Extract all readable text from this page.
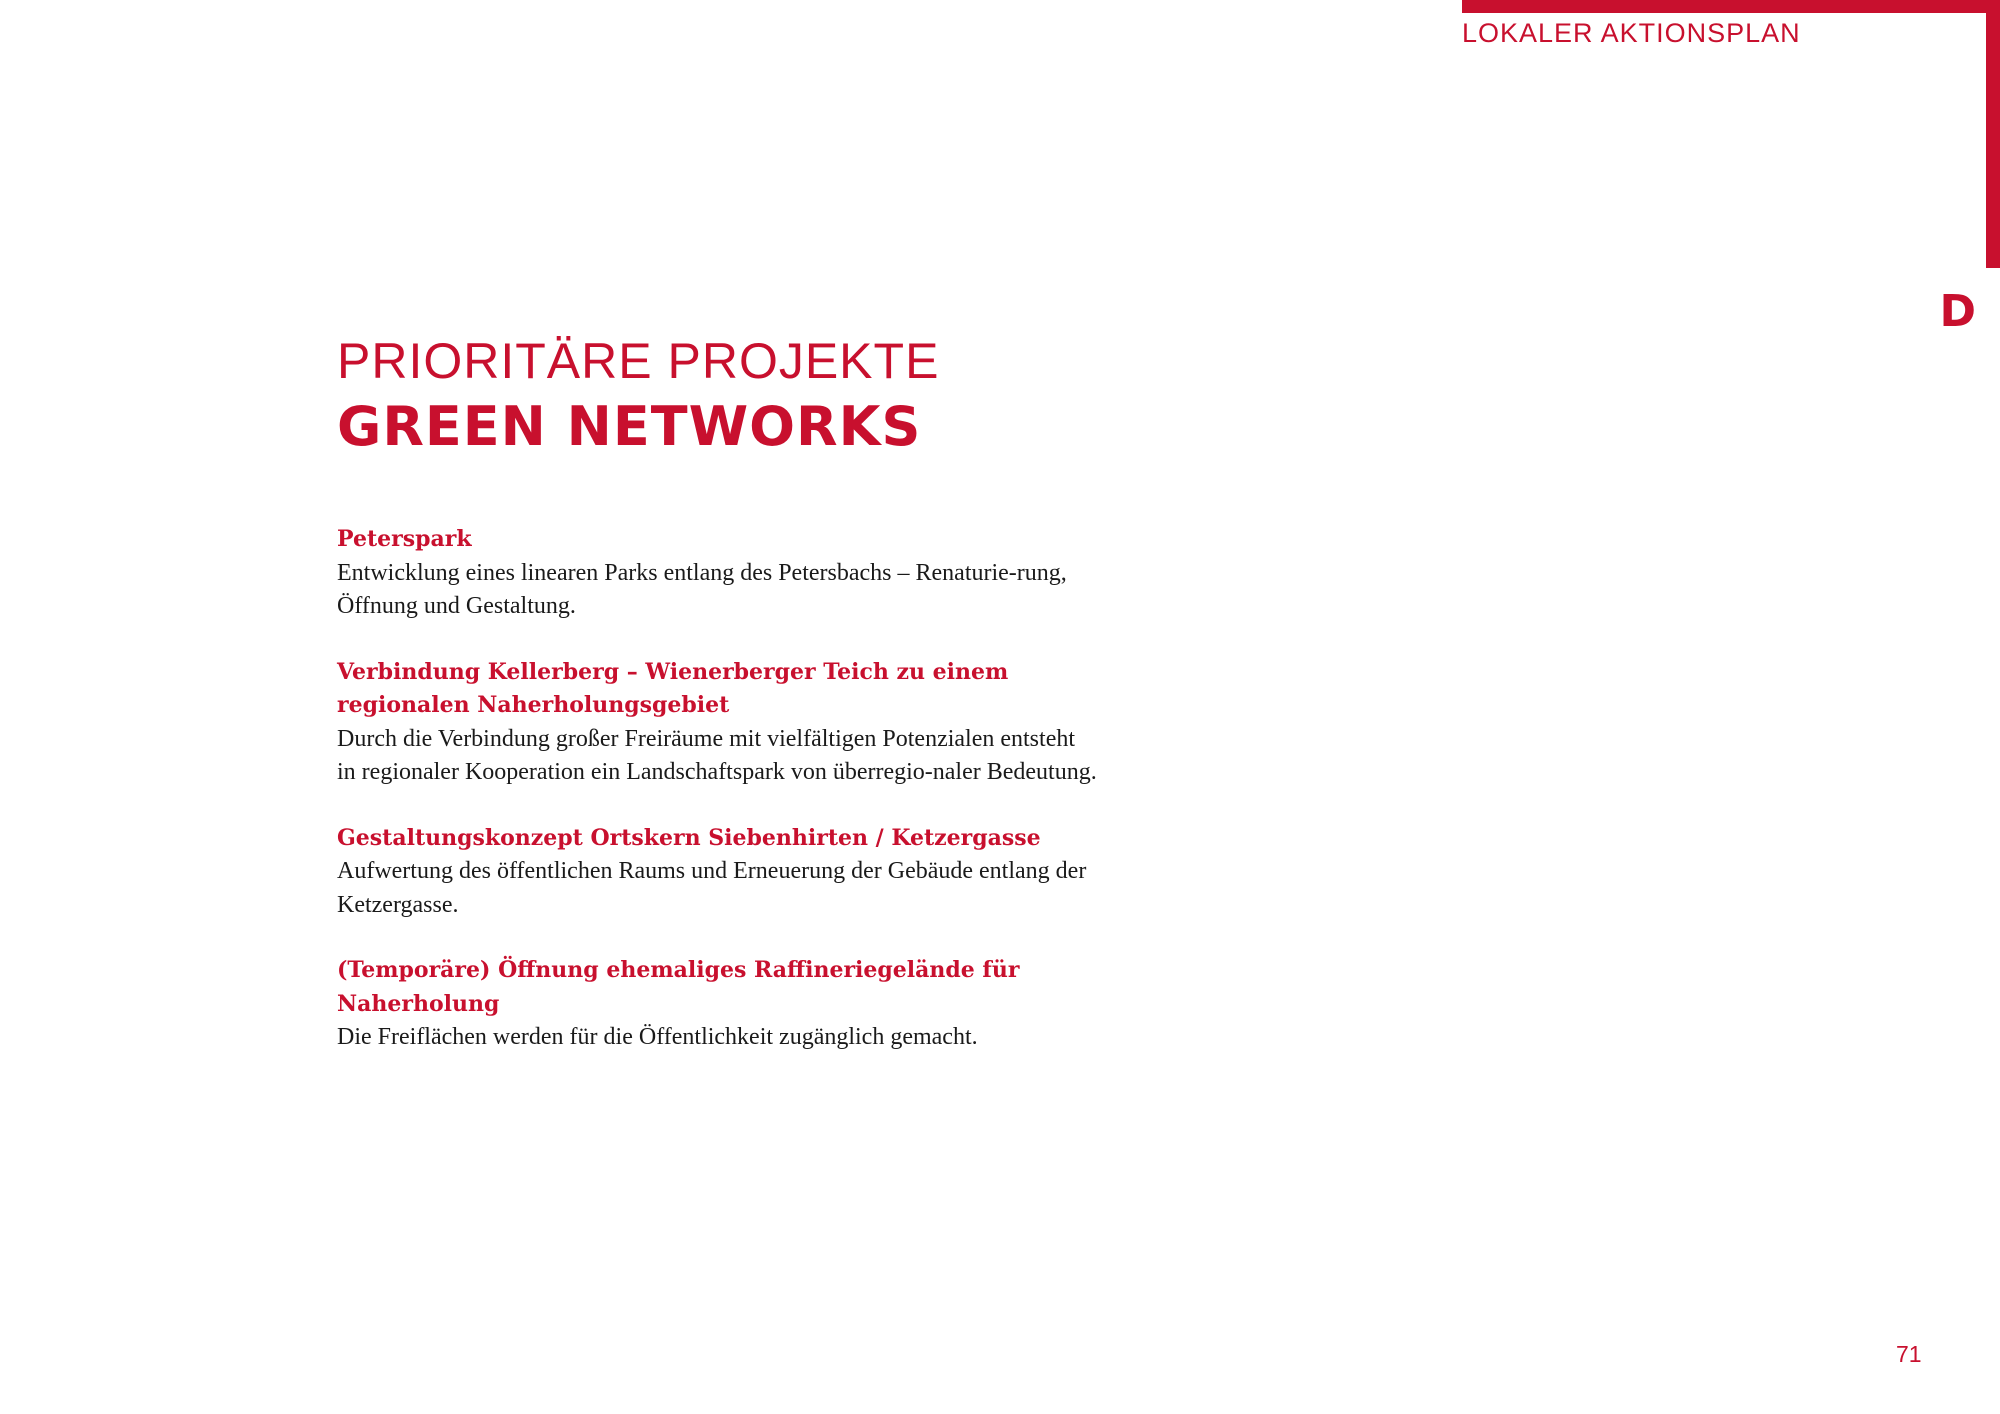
LOKALER AKTIONSPLAN
D
PRIORITÄRE PROJEKTE
GREEN NETWORKS

Peterspark

Entwicklung eines linearen Parks entlang des Petersbachs – Renaturie-rung, Öffnung und Gestaltung.

Verbindung Kellerberg – Wienerberger Teich zu einem regionalen Naherholungsgebiet

Durch die Verbindung großer Freiräume mit vielfältigen Potenzialen entsteht in regionaler Kooperation ein Landschaftspark von überregio-naler Bedeutung.

Gestaltungskonzept Ortskern Siebenhirten / Ketzergasse

Aufwertung des öffentlichen Raums und Erneuerung der Gebäude entlang der Ketzergasse.

(Temporäre) Öffnung ehemaliges Raffineriegelände für Naherholung

Die Freiflächen werden für die Öffentlichkeit zugänglich gemacht.

71
